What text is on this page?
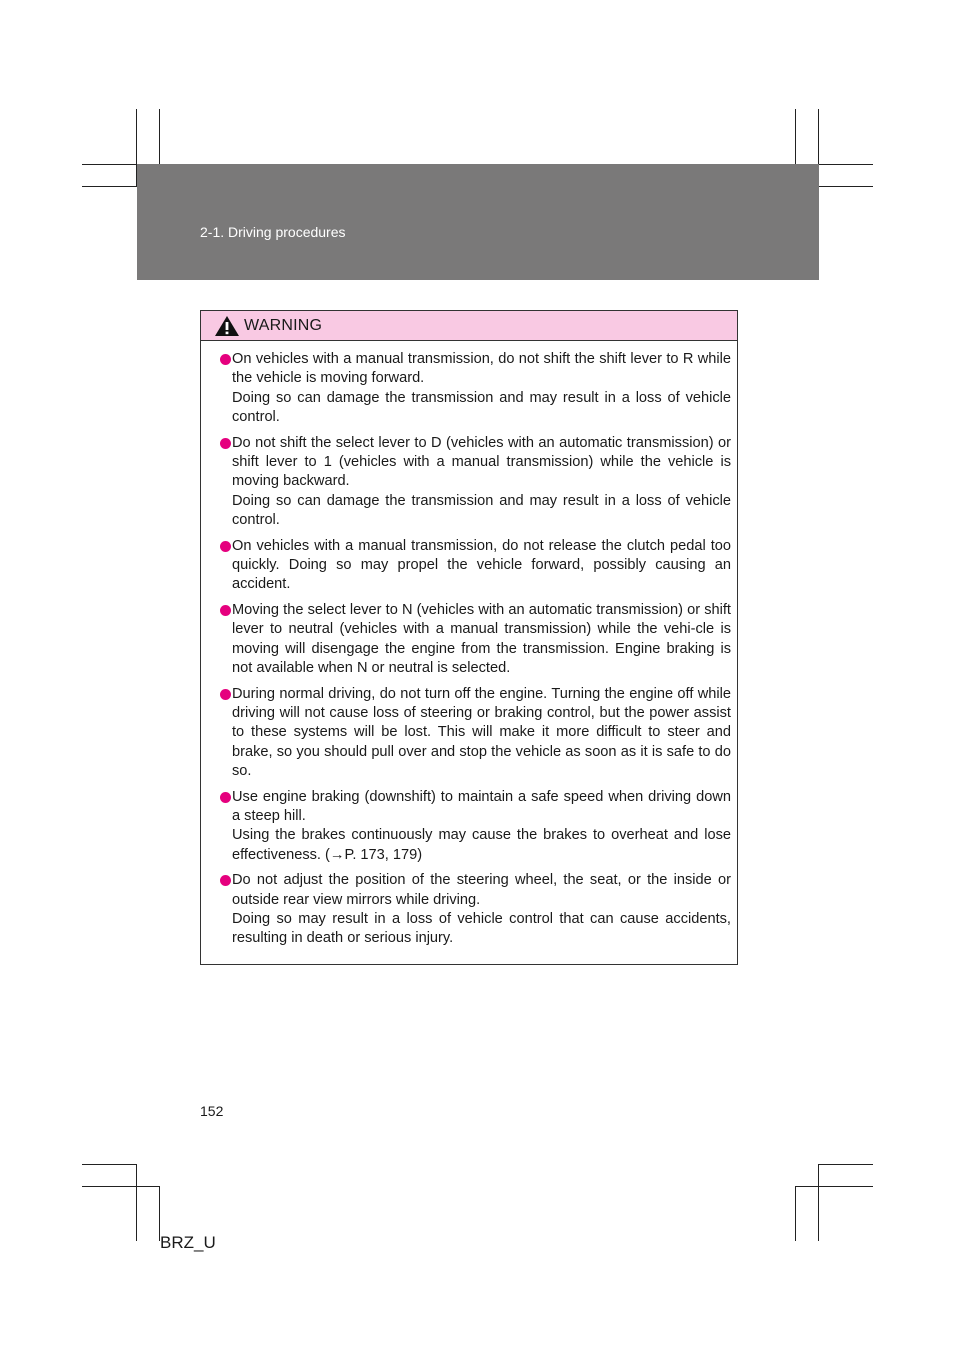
2-1. Driving procedures
WARNING

On vehicles with a manual transmission, do not shift the shift lever to R while the vehicle is moving forward.

Doing so can damage the transmission and may result in a loss of vehicle control.

Do not shift the select lever to D (vehicles with an automatic transmission) or shift lever to 1 (vehicles with a manual transmission) while the vehicle is moving backward.

Doing so can damage the transmission and may result in a loss of vehicle control.

On vehicles with a manual transmission, do not release the clutch pedal too quickly. Doing so may propel the vehicle forward, possibly causing an accident.

Moving the select lever to N (vehicles with an automatic transmission) or shift lever to neutral (vehicles with a manual transmission) while the vehi-cle is moving will disengage the engine from the transmission. Engine braking is not available when N or neutral is selected.

During normal driving, do not turn off the engine. Turning the engine off while driving will not cause loss of steering or braking control, but the power assist to these systems will be lost. This will make it more difficult to steer and brake, so you should pull over and stop the vehicle as soon as it is safe to do so.

Use engine braking (downshift) to maintain a safe speed when driving down a steep hill.

Using the brakes continuously may cause the brakes to overheat and lose effectiveness. (→P. 173, 179)

Do not adjust the position of the steering wheel, the seat, or the inside or outside rear view mirrors while driving.

Doing so may result in a loss of vehicle control that can cause accidents, resulting in death or serious injury.

152
BRZ_U
